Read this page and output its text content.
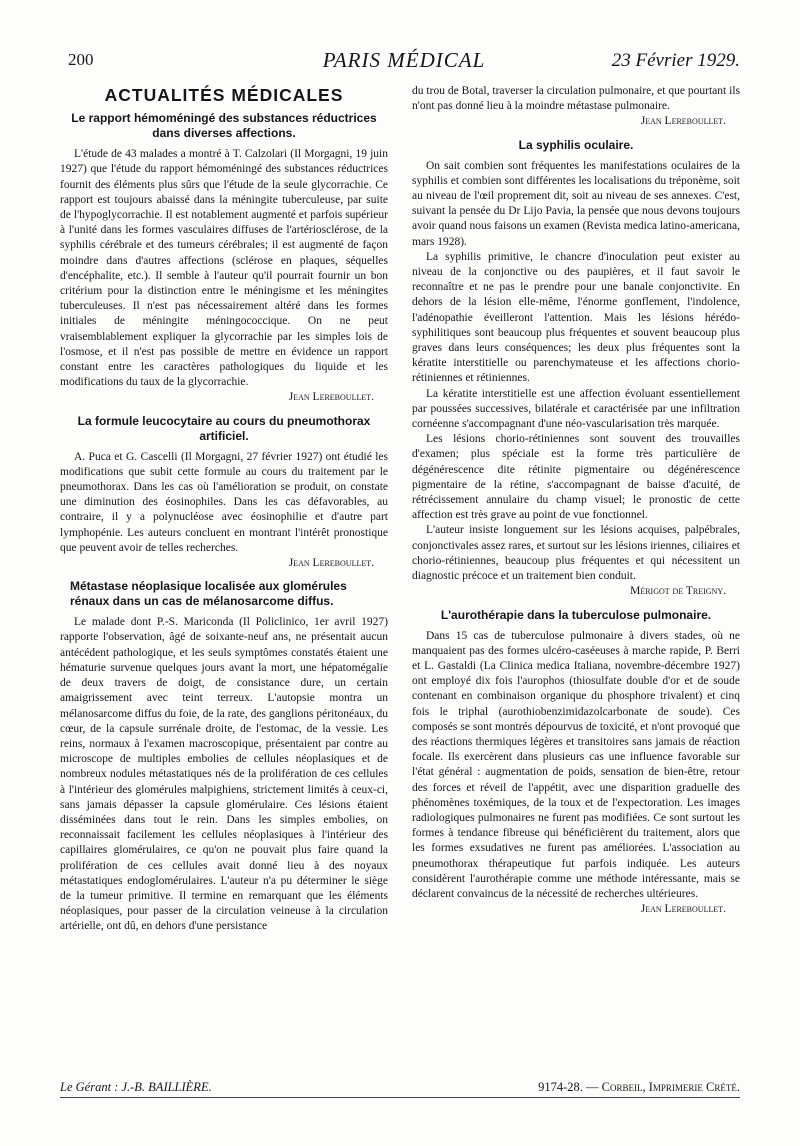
200	PARIS MÉDICAL	23 Février 1929.
ACTUALITÉS MÉDICALES
Le rapport hémoméningé des substances réductrices dans diverses affections.

L'étude de 43 malades a montré à T. Calzolari (Il Morgagni, 19 juin 1927) que l'étude du rapport hémoméningé des substances réductrices fournit des éléments plus sûrs que l'étude de la seule glycorrachie. Ce rapport est toujours abaissé dans la méningite tuberculeuse, par suite de l'hypoglycorrachie. Il est notablement augmenté et parfois supérieur à l'unité dans les formes vasculaires diffuses de l'artériosclérose, de la syphilis cérébrale et des tumeurs cérébrales; il est augmenté de façon moindre dans d'autres affections (sclérose en plaques, séquelles d'encéphalite, etc.). Il semble à l'auteur qu'il pourrait fournir un bon critérium pour la distinction entre le méningisme et les méningites tuberculeuses. Il n'est pas nécessairement altéré dans les formes initiales de méningite méningococcique. On ne peut vraisemblablement expliquer la glycorrachie par les simples lois de l'osmose, et il n'est pas possible de mettre en évidence un rapport constant entre les caractères pathologiques du liquide et les modifications du taux de la glycorrachie.

Jean Lereboullet.
La formule leucocytaire au cours du pneumothorax artificiel.

A. Puca et G. Cascelli (Il Morgagni, 27 février 1927) ont étudié les modifications que subit cette formule au cours du traitement par le pneumothorax. Dans les cas où l'amélioration se produit, on constate une diminution des éosinophiles. Dans les cas défavorables, au contraire, il y a polynucléose avec éosinophilie et d'autre part lymphopénie. Les auteurs concluent en montrant l'intérêt pronostique que peuvent avoir de telles recherches.

Jean Lereboullet.
Métastase néoplasique localisée aux glomérules rénaux dans un cas de mélanosarcome diffus.

Le malade dont P.-S. Mariconda (Il Policlinico, 1er avril 1927) rapporte l'observation, âgé de soixante-neuf ans, ne présentait aucun antécédent pathologique, et les seuls symptômes constatés étaient une hématurie survenue quelques jours avant la mort, une hépatomégalie de deux travers de doigt, de consistance dure, un certain amaigrissement avec teint terreux. L'autopsie montra un mélanosarcome diffus du foie, de la rate, des ganglions péritonéaux, du cœur, de la capsule surrénale droite, de l'estomac, de la vessie. Les reins, normaux à l'examen macroscopique, présentaient par contre au microscope de multiples embolies de cellules néoplasiques et de nombreux nodules métastatiques nés de la prolifération de ces cellules à l'intérieur des glomérules malpighiens, strictement limités à ceux-ci, sans jamais dépasser la capsule glomérulaire. Ces lésions étaient disséminées dans tout le rein. Dans les simples embolies, on reconnaissait facilement les cellules néoplasiques à l'intérieur des capillaires glomérulaires, ce qu'on ne pouvait plus faire quand la prolifération de ces cellules avait donné lieu à des noyaux métastatiques endoglomérulaires. L'auteur n'a pu déterminer le siège de la tumeur primitive. Il termine en remarquant que les éléments néoplasiques, pour passer de la circulation veineuse à la circulation artérielle, ont dû, en dehors d'une persistance

du trou de Botal, traverser la circulation pulmonaire, et que pourtant ils n'ont pas donné lieu à la moindre métastase pulmonaire.

Jean Lereboullet.
La syphilis oculaire.

On sait combien sont fréquentes les manifestations oculaires de la syphilis et combien sont différentes les localisations du tréponème, soit au niveau de l'œil proprement dit, soit au niveau de ses annexes. C'est, suivant la pensée du Dr Lijo Pavia, la pensée que nous devons toujours avoir quand nous faisons un examen (Revista medica latino-americana, mars 1928).

La syphilis primitive, le chancre d'inoculation peut exister au niveau de la conjonctive ou des paupières, et il faut savoir le reconnaître et ne pas le prendre pour une banale conjonctivite. En dehors de la lésion elle-même, l'énorme gonflement, l'indolence, l'adénopathie éveilleront l'attention. Mais les lésions hérédo-syphilitiques sont beaucoup plus fréquentes et souvent beaucoup plus graves dans leurs conséquences; les deux plus fréquentes sont la kératite interstitielle ou parenchymateuse et les affections chorio-rétiniennes et rétiniennes.

La kératite interstitielle est une affection évoluant essentiellement par poussées successives, bilatérale et caractérisée par une infiltration cornéenne s'accompagnant d'une néo-vascularisation très marquée.

Les lésions chorio-rétiniennes sont souvent des trouvailles d'examen; plus spéciale est la forme très particulière de dégénérescence dite rétinite pigmentaire ou dégénérescence pigmentaire de la rétine, s'accompagnant de baisse d'acuité, de rétrécissement annulaire du champ visuel; le pronostic de cette affection est très grave au point de vue fonctionnel.

L'auteur insiste longuement sur les lésions acquises, palpébrales, conjonctivales assez rares, et surtout sur les lésions iriennes, ciliaires et chorio-rétiniennes, beaucoup plus fréquentes et qui nécessitent un diagnostic précoce et un traitement bien conduit.

Mérigot de Treigny.
L'aurothérapie dans la tuberculose pulmonaire.

Dans 15 cas de tuberculose pulmonaire à divers stades, où ne manquaient pas des formes ulcéro-caséeuses à marche rapide, P. Berri et L. Gastaldi (La Clinica medica Italiana, novembre-décembre 1927) ont employé dix fois l'aurophos (thiosulfate double d'or et de soude contenant en combinaison organique du phosphore trivalent) et cinq fois le triphal (aurothiobenzimidazolcarbonate de soude). Ces composés se sont montrés dépourvus de toxicité, et n'ont provoqué que des réactions thermiques légères et transitoires sans jamais de réaction focale. Ils exercèrent dans plusieurs cas une influence favorable sur l'état général : augmentation de poids, sensation de bien-être, retour des forces et réveil de l'appétit, avec une disparition graduelle des phénomènes toxémiques, de la toux et de l'expectoration. Les images radiologiques pulmonaires ne furent pas modifiées. Ce sont surtout les formes à tendance fibreuse qui bénéficièrent du traitement, alors que les formes exsudatives ne furent pas améliorées. L'association au pneumothorax thérapeutique fut parfois indiquée. Les auteurs considèrent l'aurothérapie comme une méthode intéressante, mais se déclarent convaincus de la nécessité de recherches ultérieures.

Jean Lereboullet.
Le Gérant : J.-B. BAILLIÈRE.	9174-28. — Corbeil, Imprimerie Crété.
